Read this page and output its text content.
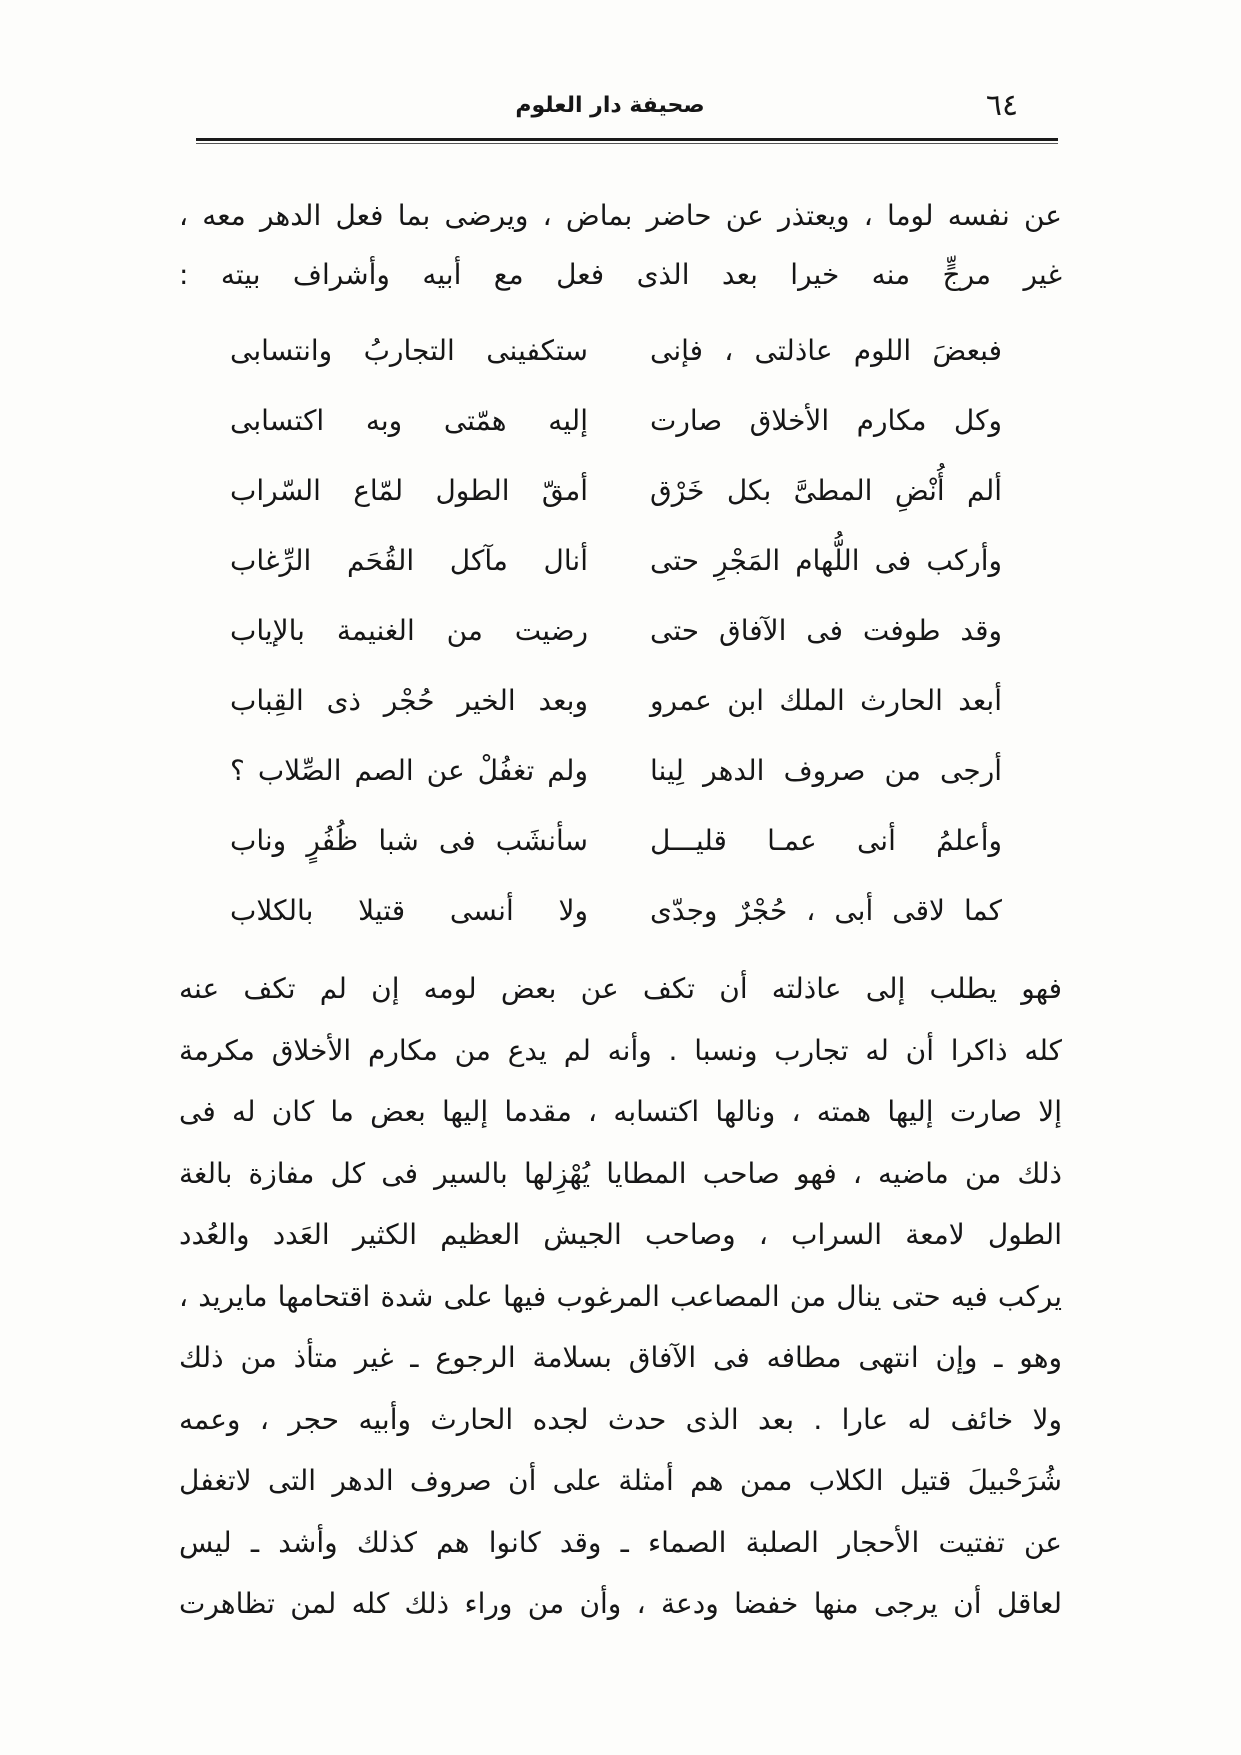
٦٤
صحيفة دار العلوم
عن نفسه لوما ، ويعتذر عن حاضر بماض ، ويرضى بما فعل الدهر معه ،
غير مرجٍّ منه خيرا بعد الذى فعل مع أبيه وأشراف بيته :
فبعضَ اللوم عاذلتى ، فإنى
ستكفينى التجاربُ وانتسابى
وكل مكارم الأخلاق صارت
إليه همّتى وبه اكتسابى
ألم أُنْضِ المطىَّ بكل خَرْق
أمقّ الطول لمّاع السّراب
وأركب فى اللُّهام المَجْرِ حتى
أنال مآكل القُحَم الرِّغاب
وقد طوفت فى الآفاق حتى
رضيت من الغنيمة بالإياب
أبعد الحارث الملك ابن عمرو
وبعد الخير حُجْر ذى القِباب
أرجى من صروف الدهر لِينا
ولم تغفُلْ عن الصم الصِّلاب ؟
وأعلمُ أنى عمـا قليـــل
سأنشَب فى شبا ظُفُرٍ وناب
كما لاقى أبى ، حُجْرٌ وجدّى
ولا أنسى قتيلا بالكلاب
فهو يطلب إلى عاذلته أن تكف عن بعض لومه إن لم تكف عنه
كله ذاكرا أن له تجارب ونسبا . وأنه لم يدع من مكارم الأخلاق مكرمة
إلا صارت إليها همته ، ونالها اكتسابه ، مقدما إليها بعض ما كان له فى
ذلك من ماضيه ، فهو صاحب المطايا يُهْزِلها بالسير فى كل مفازة بالغة
الطول لامعة السراب ، وصاحب الجيش العظيم الكثير العَدد والعُدد
يركب فيه حتى ينال من المصاعب المرغوب فيها على شدة اقتحامها مايريد ،
وهو ـ وإن انتهى مطافه فى الآفاق بسلامة الرجوع ـ غير متأذ من ذلك
ولا خائف له عارا . بعد الذى حدث لجده الحارث وأبيه حجر ، وعمه
شُرَحْبيلَ قتيل الكلاب ممن هم أمثلة على أن صروف الدهر التى لاتغفل
عن تفتيت الأحجار الصلبة الصماء ـ وقد كانوا هم كذلك وأشد ـ ليس
لعاقل أن يرجى منها خفضا ودعة ، وأن من وراء ذلك كله لمن تظاهرت
